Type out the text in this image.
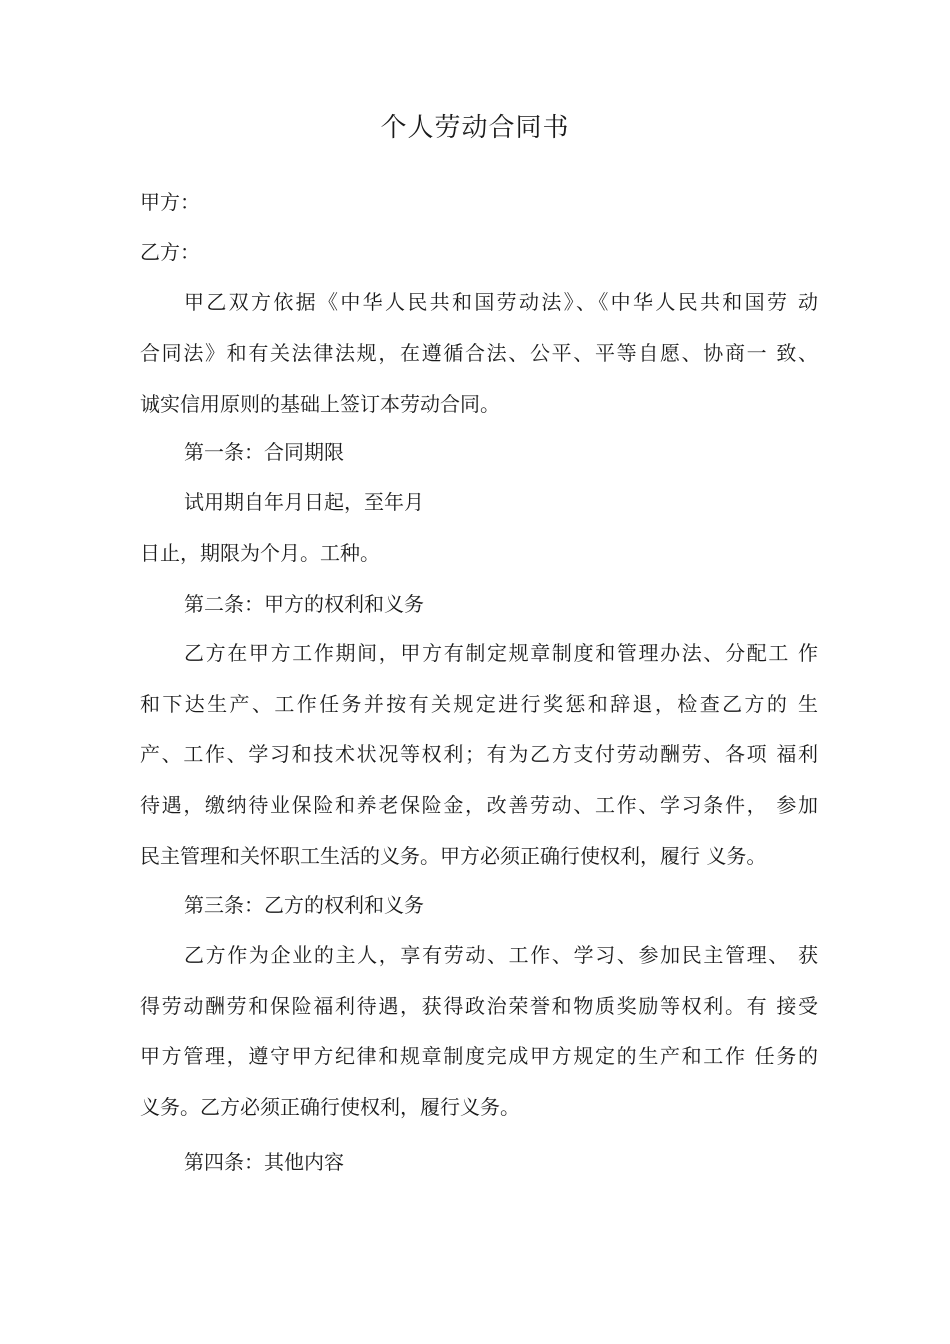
个人劳动合同书

甲方：

乙方：

甲乙双方依据《中华人民共和国劳动法》、《中华人民共和国劳 动

合同法》和有关法律法规，在遵循合法、公平、平等自愿、协商一 致、

诚实信用原则的基础上签订本劳动合同。

第一条：合同期限

试用期自年月日起，至年月

日止，期限为个月。工种。

第二条：甲方的权利和义务

乙方在甲方工作期间，甲方有制定规章制度和管理办法、分配工 作

和下达生产、工作任务并按有关规定进行奖惩和辞退，检查乙方的 生

产、工作、学习和技术状况等权利；有为乙方支付劳动酬劳、各项 福利

待遇，缴纳待业保险和养老保险金，改善劳动、工作、学习条件， 参加

民主管理和关怀职工生活的义务。甲方必须正确行使权利，履行 义务。

第三条：乙方的权利和义务

乙方作为企业的主人，享有劳动、工作、学习、参加民主管理、 获

得劳动酬劳和保险福利待遇，获得政治荣誉和物质奖励等权利。有 接受

甲方管理，遵守甲方纪律和规章制度完成甲方规定的生产和工作 任务的

义务。乙方必须正确行使权利，履行义务。

第四条：其他内容
